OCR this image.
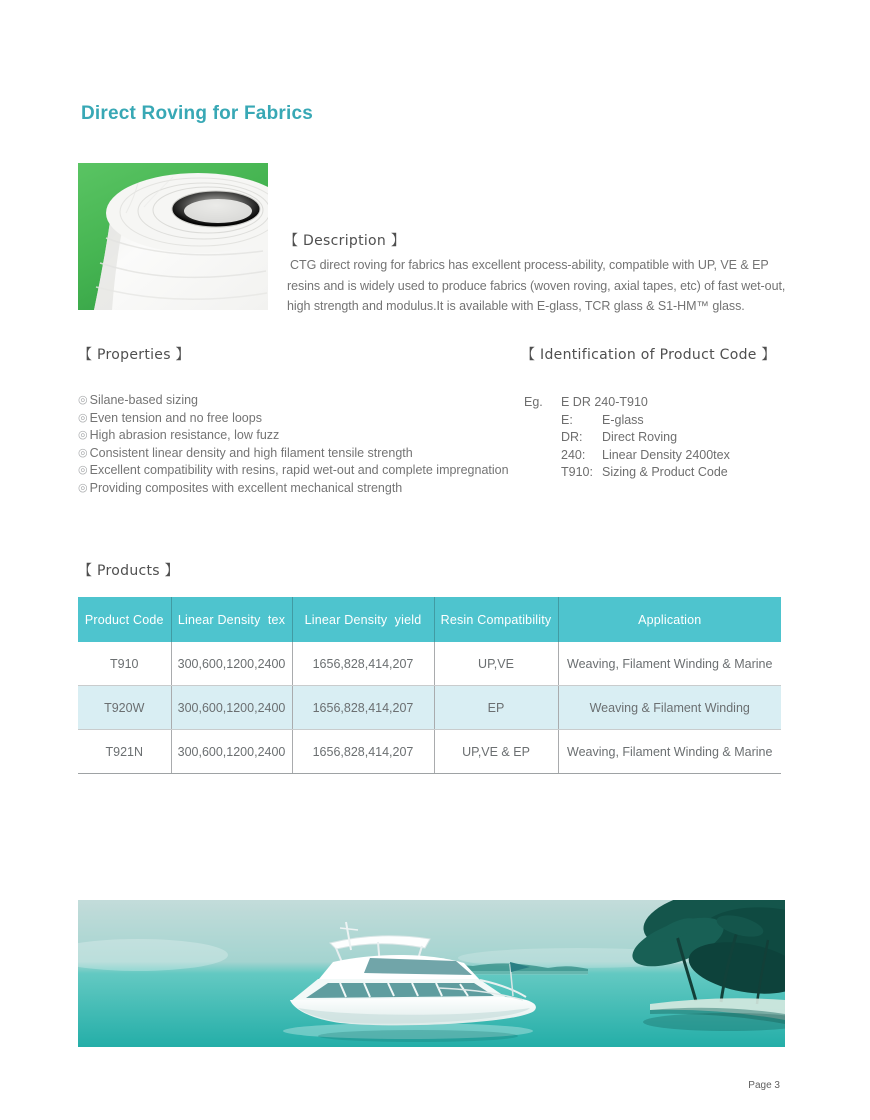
Direct Roving for Fabrics
【 Description 】

CTG direct roving for fabrics has excellent process-ability, compatible with UP, VE & EP resins and is widely used to produce fabrics (woven roving, axial tapes, etc) of fast wet-out, high strength and modulus.It is available with E-glass, TCR glass & S1-HM™ glass.

【 Properties 】
◎ Silane-based sizing
◎ Even tension and no free loops
◎ High abrasion resistance, low fuzz
◎ Consistent linear density and high filament tensile strength
◎ Excellent compatibility with resins, rapid wet-out and complete impregnation
◎ Providing composites with excellent mechanical strength
【 Identification of Product Code 】
Eg.	E DR 240-T910
E:	E-glass
DR:	Direct Roving
240:	Linear Density 2400tex
T910: Sizing & Product Code
【 Products 】
Product Code	Linear Density  tex	Linear Density  yield	Resin Compatibility	Application
T910	300,600,1200,2400	1656,828,414,207	UP,VE	Weaving, Filament Winding & Marine
T920W	300,600,1200,2400	1656,828,414,207	EP	Weaving & Filament Winding
T921N	300,600,1200,2400	1656,828,414,207	UP,VE & EP	Weaving, Filament Winding & Marine
Page 3
